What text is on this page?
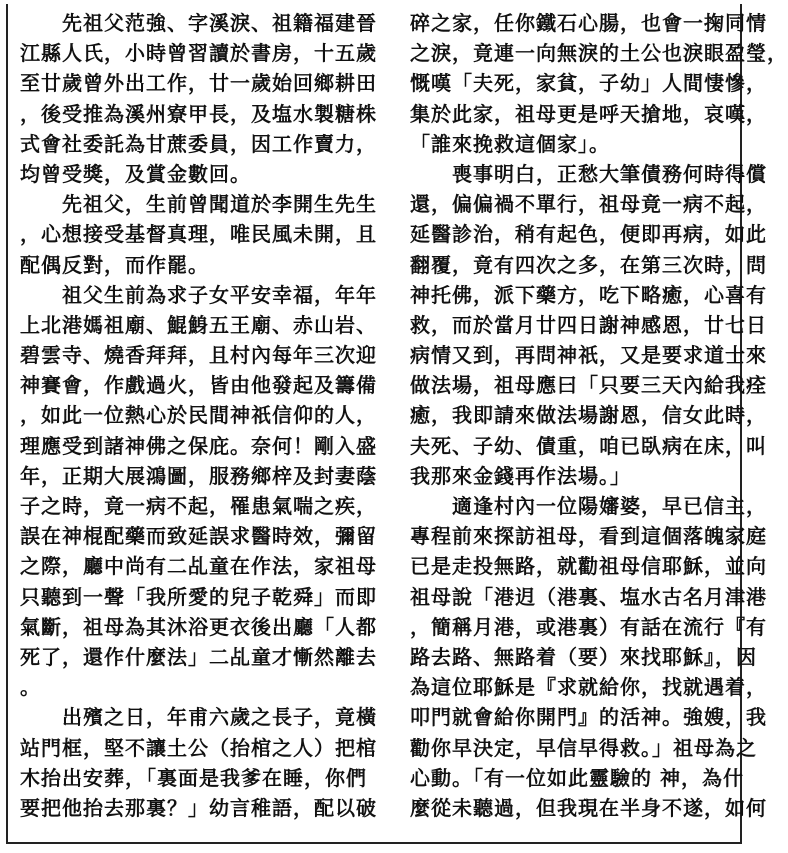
　　先祖父范強、字溪淚、祖籍福建晉
江縣人氏，小時曾習讀於書房，十五歲
至廿歲曾外出工作，廿一歲始回鄉耕田
，後受推為溪州寮甲長，及塩水製糖株
式會社委託為甘蔗委員，因工作賣力，
均曾受獎，及賞金數回。
　　先祖父，生前曾聞道於李開生先生
，心想接受基督真理，唯民風未開，且
配偶反對，而作罷。
　　祖父生前為求子女平安幸福，年年
上北港媽祖廟、鯤鯓五王廟、赤山岩、
碧雲寺、燒香拜拜，且村內每年三次迎
神賽會，作戲過火，皆由他發起及籌備
，如此一位熱心於民間神祇信仰的人，
理應受到諸神佛之保庇。奈何！剛入盛
年，正期大展鴻圖，服務鄉梓及封妻蔭
子之時，竟一病不起，罹患氣喘之疾，
誤在神棍配藥而致延誤求醫時效，彌留
之際，廳中尚有二乩童在作法，家祖母
只聽到一聲「我所愛的兒子乾舜」而即
氣斷，祖母為其沐浴更衣後出廳「人都
死了，還作什麼法」二乩童才慚然離去
。
　　出殯之日，年甫六歲之長子，竟橫
站門框，堅不讓土公（抬棺之人）把棺
木抬出安葬，「裏面是我爹在睡，你們
要把他抬去那裏？」幼言稚語，配以破
碎之家，任你鐵石心腸，也會一掬同情
之淚，竟連一向無淚的土公也淚眼盈瑩，
慨嘆「夫死，家貧，子幼」人間悽慘，
集於此家，祖母更是呼天搶地，哀嘆，
「誰來挽救這個家」。
　　喪事明白，正愁大筆債務何時得償
還，偏偏禍不單行，祖母竟一病不起，
延醫診治，稍有起色，便即再病，如此
翻覆，竟有四次之多，在第三次時，問
神托佛，派下藥方，吃下略癒，心喜有
救，而於當月廿四日謝神感恩，廿七日
病情又到，再問神祇，又是要求道士來
做法場，祖母應曰「只要三天內給我痊
癒，我即請來做法場謝恩，信女此時，
夫死、子幼、債重，咱已臥病在床，叫
我那來金錢再作法場。」
　　適逢村內一位陽嬸婆，早已信主，
專程前來探訪祖母，看到這個落魄家庭
已是走投無路，就勸祖母信耶穌，並向
祖母說「港迌（港裏、塩水古名月津港
，簡稱月港，或港裏）有話在流行『有
路去路、無路着（要）來找耶穌』，因
為這位耶穌是『求就給你，找就遇着，
叩門就會給你開門』的活神。強嫂，我
勸你早決定，早信早得救。」祖母為之
心動。「有一位如此靈驗的 神，為什
麼從未聽過，但我現在半身不遂，如何
